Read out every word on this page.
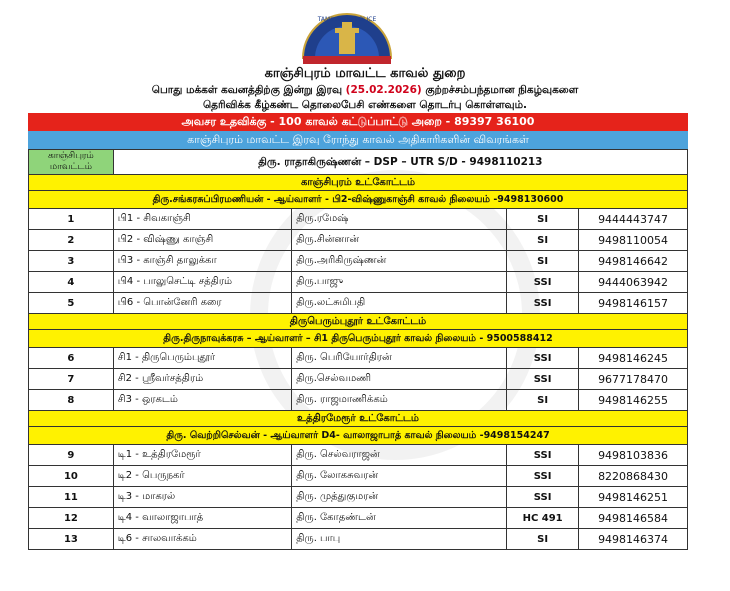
TAMILNADU POLICE
காஞ்சிபுரம் மாவட்ட காவல் துறை
பொது மக்கள் கவனத்திற்கு இன்று இரவு (25.02.2026) குற்றச்சம்பந்தமான நிகழ்வுகளை
தெரிவிக்க கீழ்கண்ட தொலைபேசி எண்களை தொடர்பு கொள்ளவும்.
அவசர உதவிக்கு - 100 காவல் கட்டுப்பாட்டு அறை - 89397 36100
காஞ்சிபுரம் மாவட்ட இரவு ரோந்து காவல் அதிகாரிகளின் விவரங்கள்
காஞ்சிபுரம் மாவட்டம்	திரு. ராதாகிருஷ்ணன் – DSP – UTR S/D - 9498110213			
காஞ்சிபுரம் உட்கோட்டம்				
திரு.சங்கரசுப்பிரமணியன் - ஆய்வாளர் - பி2-விஷ்ணுகாஞ்சி காவல் நிலையம் -9498130600				
1	பி1 - சிவகாஞ்சி	திரு.ரமேஷ்	SI	9444443747
2	பி2 - விஷ்ணு காஞ்சி	திரு.சின்னான்	SI	9498110054
3	பி3 - காஞ்சி தாலுக்கா	திரு.அரிகிருஷ்ணன்	SI	9498146642
4	பி4 - பாலுசெட்டி சத்திரம்	திரு.பாஜு	SSI	9444063942
5	பி6 - பொன்னேரி கரை	திரு.லட்சுமிபதி	SSI	9498146157
திருபெரும்புதூர் உட்கோட்டம்				
திரு.திருநாவுக்கரசு – ஆய்வாளர் – சி1 திருபெரும்புதூர் காவல் நிலையம் - 9500588412				
6	சி1 - திருபெரும்புதூர்	திரு. பெரியோர்திரன்	SSI	9498146245
7	சி2 - ஸ்ரீவர்சத்திரம்	திரு.செல்வமணி	SSI	9677178470
8	சி3 - ஒரகடம்	திரு. ராஜமாணிக்கம்	SI	9498146255
உத்திரமேரூர் உட்கோட்டம்				
திரு. வெற்றிசெல்வன் - ஆய்வாளர் D4- வாலாஜாபாத் காவல் நிலையம் -9498154247				
9	டி1 - உத்திரமேரூர்	திரு. செல்வராஜன்	SSI	9498103836
10	டி2 - பெருநகர்	திரு. லோகசுவரன்	SSI	8220868430
11	டி3 - மாகரல்	திரு. முத்துகுமரன்	SSI	9498146251
12	டி4 - வாலாஜாபாத்	திரு. கோதண்டன்	HC 491	9498146584
13	டி6 - சாலவாக்கம்	திரு. பாபு	SI	9498146374
